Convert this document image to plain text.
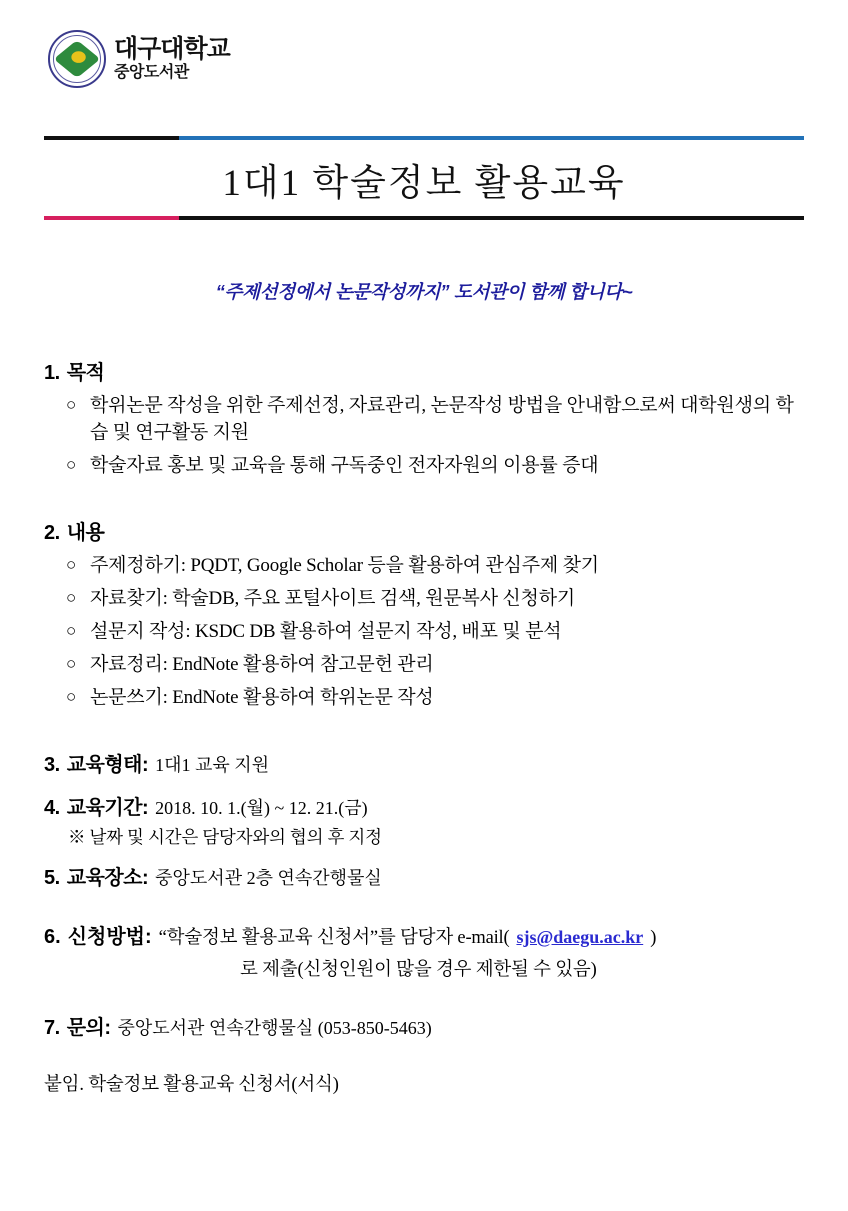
대구대학교
중앙도서관
1대1 학술정보 활용교육
“주제선정에서 논문작성까지” 도서관이 함께 합니다~
1. 목적
○ 학위논문 작성을 위한 주제선정, 자료관리, 논문작성 방법을 안내함으로써 대학원생의 학습 및 연구활동 지원
○ 학술자료 홍보 및 교육을 통해 구독중인 전자자원의 이용률 증대
2. 내용
○ 주제정하기: PQDT, Google Scholar 등을 활용하여 관심주제 찾기
○ 자료찾기: 학술DB, 주요 포털사이트 검색, 원문복사 신청하기
○ 설문지 작성: KSDC DB 활용하여 설문지 작성, 배포 및 분석
○ 자료정리: EndNote 활용하여 참고문헌 관리
○ 논문쓰기: EndNote 활용하여 학위논문 작성
3. 교육형태: 1대1 교육 지원
4. 교육기간: 2018. 10. 1.(월) ~ 12. 21.(금)
※ 날짜 및 시간은 담당자와의 협의 후 지정
5. 교육장소: 중앙도서관 2층 연속간행물실
6. 신청방법: “학술정보 활용교육 신청서”를 담당자 e-mail( sjs@daegu.ac.kr )
로 제출(신청인원이 많을 경우 제한될 수 있음)
7. 문의: 중앙도서관 연속간행물실 (053-850-5463)
붙임. 학술정보 활용교육 신청서(서식)
